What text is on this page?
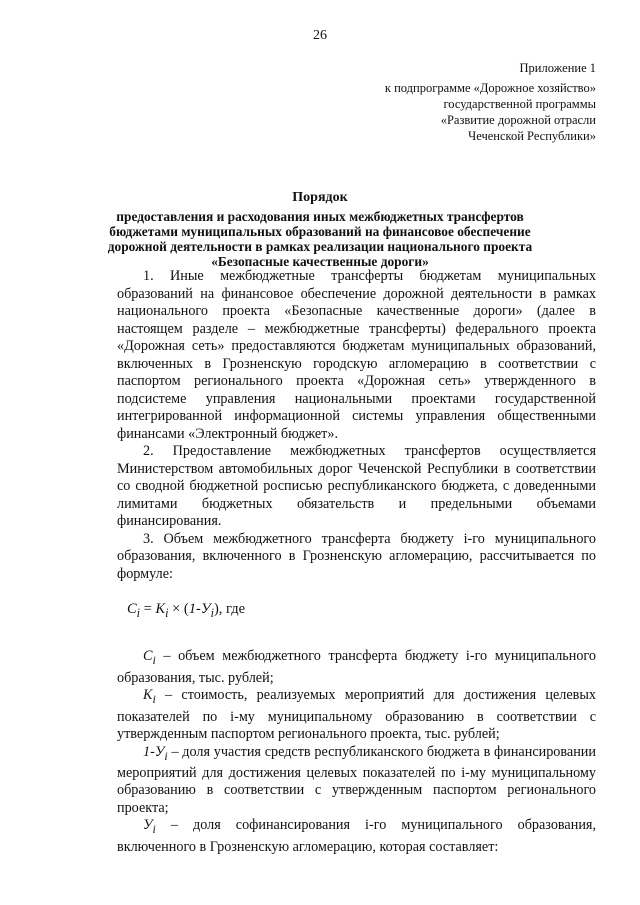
26
Приложение 1
к подпрограмме «Дорожное хозяйство»
государственной программы
«Развитие дорожной отрасли
Чеченской Республики»
Порядок
предоставления и расходования иных межбюджетных трансфертов
бюджетами муниципальных образований на финансовое обеспечение
дорожной деятельности в рамках реализации национального проекта
«Безопасные качественные дороги»

1. Иные межбюджетные трансферты бюджетам муниципальных образований на финансовое обеспечение дорожной деятельности в рамках национального проекта «Безопасные качественные дороги» (далее в настоящем разделе – межбюджетные трансферты) федерального проекта «Дорожная сеть» предоставляются бюджетам муниципальных образований, включенных в Грозненскую городскую агломерацию в соответствии с паспортом регионального проекта «Дорожная сеть» утвержденного в подсистеме управления национальными проектами государственной интегрированной информационной системы управления общественными финансами «Электронный бюджет».

2. Предоставление межбюджетных трансфертов осуществляется Министерством автомобильных дорог Чеченской Республики в соответствии со сводной бюджетной росписью республиканского бюджета, с доведенными лимитами бюджетных обязательств и предельными объемами финансирования.

3. Объем межбюджетного трансферта бюджету i-го муниципального образования, включенного в Грозненскую агломерацию, рассчитывается по формуле:

$C_i = K_i \times (1-У_i)$, где

$C_i$ – объем межбюджетного трансферта бюджету i-го муниципального образования, тыс. рублей;

$K_i$ – стоимость, реализуемых мероприятий для достижения целевых показателей по i-му муниципальному образованию в соответствии с утвержденным паспортом регионального проекта, тыс. рублей;

$1-У_i$ – доля участия средств республиканского бюджета в финансировании мероприятий для достижения целевых показателей по i-му муниципальному образованию в соответствии с утвержденным паспортом регионального проекта;

$У_i$ – доля софинансирования i-го муниципального образования, включенного в Грозненскую агломерацию, которая составляет:
